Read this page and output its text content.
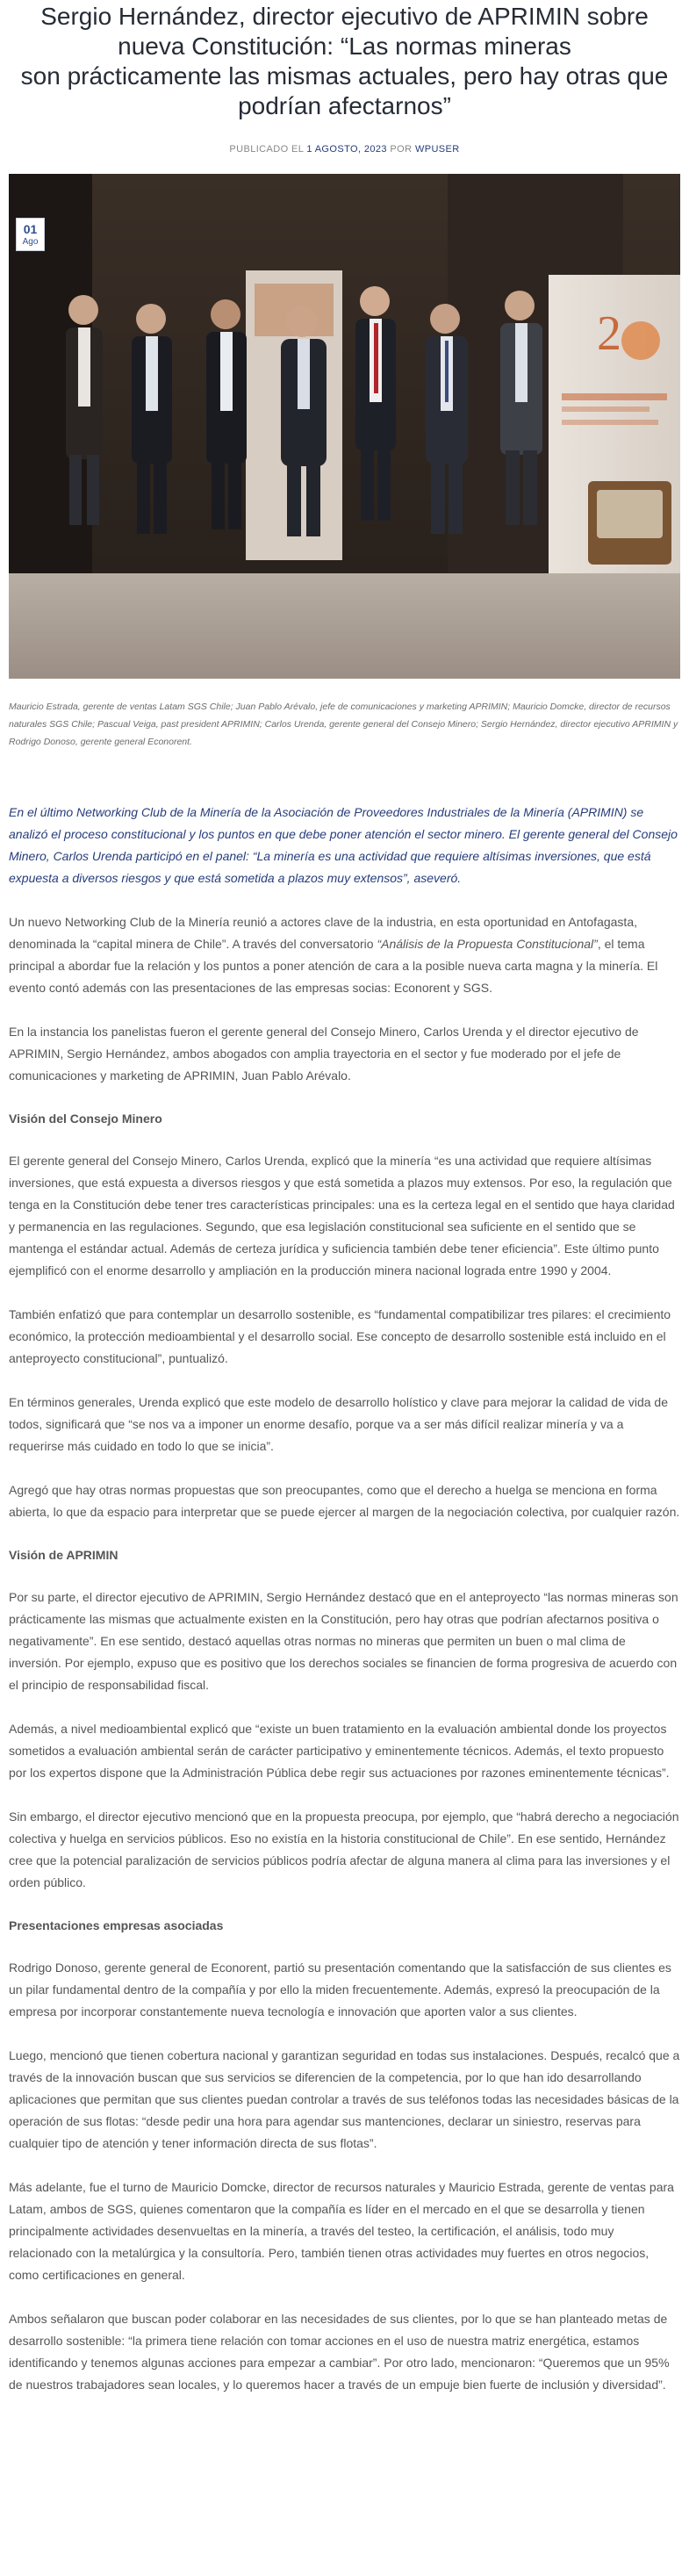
Sergio Hernández, director ejecutivo de APRIMIN sobre
nueva Constitución: “Las normas mineras
son prácticamente las mismas actuales, pero hay otras que
podrían afectarnos”
PUBLICADO EL 1 AGOSTO, 2023 POR WPUSER
01
Ago
2

Mauricio Estrada, gerente de ventas Latam SGS Chile; Juan Pablo Arévalo, jefe de comunicaciones y marketing APRIMIN; Mauricio Domcke, director de recursos naturales SGS Chile; Pascual Veiga, past president APRIMIN; Carlos Urenda, gerente general del Consejo Minero; Sergio Hernández, director ejecutivo APRIMIN y Rodrigo Donoso, gerente general Econorent.

En el último Networking Club de la Minería de la Asociación de Proveedores Industriales de la Minería (APRIMIN) se analizó el proceso constitucional y los puntos en que debe poner atención el sector minero. El gerente general del Consejo Minero, Carlos Urenda participó en el panel: “La minería es una actividad que requiere altísimas inversiones, que está expuesta a diversos riesgos y que está sometida a plazos muy extensos”, aseveró.

Un nuevo Networking Club de la Minería reunió a actores clave de la industria, en esta oportunidad en Antofagasta, denominada la “capital minera de Chile”. A través del conversatorio “Análisis de la Propuesta Constitucional”, el tema principal a abordar fue la relación y los puntos a poner atención de cara a la posible nueva carta magna y la minería. El evento contó además con las presentaciones de las empresas socias: Econorent y SGS.

En la instancia los panelistas fueron el gerente general del Consejo Minero, Carlos Urenda y el director ejecutivo de APRIMIN, Sergio Hernández, ambos abogados con amplia trayectoria en el sector y fue moderado por el jefe de comunicaciones y marketing de APRIMIN, Juan Pablo Arévalo.

Visión del Consejo Minero

El gerente general del Consejo Minero, Carlos Urenda, explicó que la minería “es una actividad que requiere altísimas inversiones, que está expuesta a diversos riesgos y que está sometida a plazos muy extensos. Por eso, la regulación que tenga en la Constitución debe tener tres características principales: una es la certeza legal en el sentido que haya claridad y permanencia en las regulaciones. Segundo, que esa legislación constitucional sea suficiente en el sentido que se mantenga el estándar actual. Además de certeza jurídica y suficiencia también debe tener eficiencia”. Este último punto ejemplificó con el enorme desarrollo y ampliación en la producción minera nacional lograda entre 1990 y 2004.

También enfatizó que para contemplar un desarrollo sostenible, es “fundamental compatibilizar tres pilares: el crecimiento económico, la protección medioambiental y el desarrollo social. Ese concepto de desarrollo sostenible está incluido en el anteproyecto constitucional”, puntualizó.

En términos generales, Urenda explicó que este modelo de desarrollo holístico y clave para mejorar la calidad de vida de todos, significará que “se nos va a imponer un enorme desafío, porque va a ser más difícil realizar minería y va a requerirse más cuidado en todo lo que se inicia”.

Agregó que hay otras normas propuestas que son preocupantes, como que el derecho a huelga se menciona en forma abierta, lo que da espacio para interpretar que se puede ejercer al margen de la negociación colectiva, por cualquier razón.

Visión de APRIMIN

Por su parte, el director ejecutivo de APRIMIN, Sergio Hernández destacó que en el anteproyecto “las normas mineras son prácticamente las mismas que actualmente existen en la Constitución, pero hay otras que podrían afectarnos positiva o negativamente”. En ese sentido, destacó aquellas otras normas no mineras que permiten un buen o mal clima de inversión. Por ejemplo, expuso que es positivo que los derechos sociales se financien de forma progresiva de acuerdo con el principio de responsabilidad fiscal.

Además, a nivel medioambiental explicó que “existe un buen tratamiento en la evaluación ambiental donde los proyectos sometidos a evaluación ambiental serán de carácter participativo y eminentemente técnicos. Además, el texto propuesto por los expertos dispone que la Administración Pública debe regir sus actuaciones por razones eminentemente técnicas”.

Sin embargo, el director ejecutivo mencionó que en la propuesta preocupa, por ejemplo, que “habrá derecho a negociación colectiva y huelga en servicios públicos. Eso no existía en la historia constitucional de Chile”. En ese sentido, Hernández cree que la potencial paralización de servicios públicos podría afectar de alguna manera al clima para las inversiones y el orden público.

Presentaciones empresas asociadas

Rodrigo Donoso, gerente general de Econorent, partió su presentación comentando que la satisfacción de sus clientes es un pilar fundamental dentro de la compañía y por ello la miden frecuentemente. Además, expresó la preocupación de la empresa por incorporar constantemente nueva tecnología e innovación que aporten valor a sus clientes.

Luego, mencionó que tienen cobertura nacional y garantizan seguridad en todas sus instalaciones. Después, recalcó que a través de la innovación buscan que sus servicios se diferencien de la competencia, por lo que han ido desarrollando aplicaciones que permitan que sus clientes puedan controlar a través de sus teléfonos todas las necesidades básicas de la operación de sus flotas: “desde pedir una hora para agendar sus mantenciones, declarar un siniestro, reservas para cualquier tipo de atención y tener información directa de sus flotas”.

Más adelante, fue el turno de Mauricio Domcke, director de recursos naturales y Mauricio Estrada, gerente de ventas para Latam, ambos de SGS, quienes comentaron que la compañía es líder en el mercado en el que se desarrolla y tienen principalmente actividades desenvueltas en la minería, a través del testeo, la certificación, el análisis, todo muy relacionado con la metalúrgica y la consultoría. Pero, también tienen otras actividades muy fuertes en otros negocios, como certificaciones en general.

Ambos señalaron que buscan poder colaborar en las necesidades de sus clientes, por lo que se han planteado metas de desarrollo sostenible: “la primera tiene relación con tomar acciones en el uso de nuestra matriz energética, estamos identificando y tenemos algunas acciones para empezar a cambiar”. Por otro lado, mencionaron: “Queremos que un 95% de nuestros trabajadores sean locales, y lo queremos hacer a través de un empuje bien fuerte de inclusión y diversidad”.
